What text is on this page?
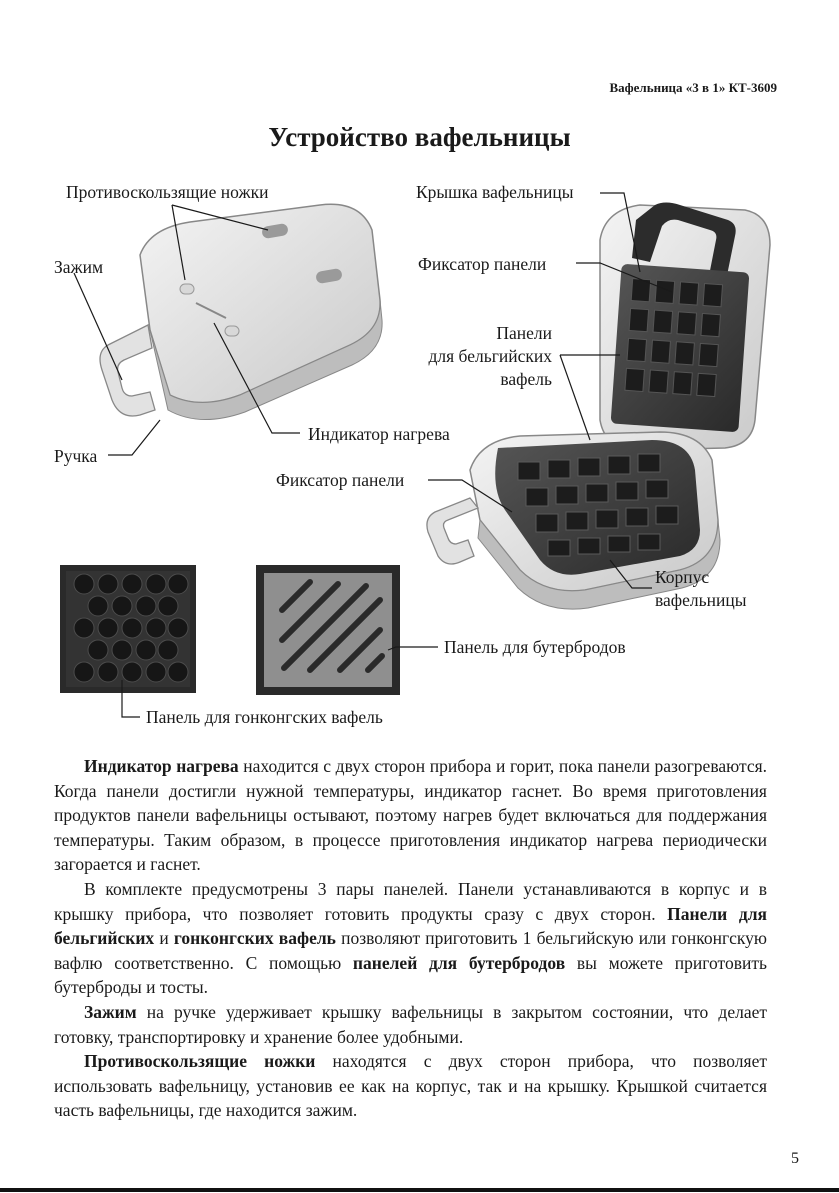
Вафельница «3 в 1» КТ-3609
Устройство вафельницы
Противоскользящие ножки
Зажим
Ручка
Индикатор нагрева
Крышка вафельницы
Фиксатор панели
Панели
для бельгийских
вафель
Фиксатор панели
Корпус
вафельницы
Панель для бутербродов
Панель для гонконгских вафель

Индикатор нагрева находится с двух сторон прибора и горит, пока панели разогреваются. Когда панели достигли нужной температуры, индикатор гаснет. Во время приготовления продуктов панели вафельницы остывают, поэтому нагрев будет включаться для поддержания температуры. Таким образом, в процессе приготовления индикатор нагрева периодически загорается и гаснет.

В комплекте предусмотрены 3 пары панелей. Панели устанавливаются в корпус и в крышку прибора, что позволяет готовить продукты сразу с двух сторон. Панели для бельгийских и гонконгских вафель позволяют приготовить 1 бельгийскую или гонконгскую вафлю соответственно. С помощью панелей для бутербродов вы можете приготовить бутерброды и тосты.

Зажим на ручке удерживает крышку вафельницы в закрытом состоянии, что делает готовку, транспортировку и хранение более удобными.

Противоскользящие ножки находятся с двух сторон прибора, что позволяет использовать вафельницу, установив ее как на корпус, так и на крышку. Крышкой считается часть вафельницы, где находится зажим.

5
